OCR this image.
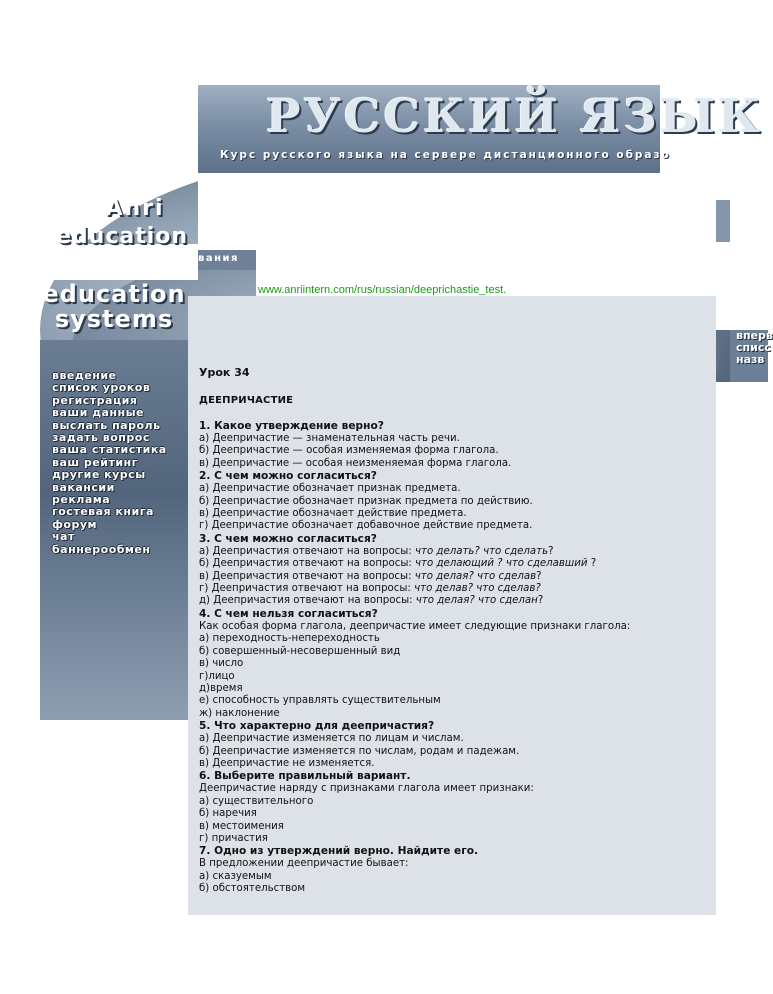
РУССКИЙ ЯЗЫК
Курс русского языка на сервере дистанционного образо
вания
Anri
education
education
systems
введение
список уроков
регистрация
ваши данные
выслать пароль
задать вопрос
ваша статистика
ваш рейтинг
другие курсы
вакансии
реклама
гостевая книга
форум
чат
баннерообмен
вперв
списс
назв
www.anriintern.com/rus/russian/deeprichastie_test.
Урок 34
ДЕЕПРИЧАСТИЕ
1. Какое утверждение верно?
а) Деепричастие — знаменательная часть речи.
б) Деепричастие — особая изменяемая форма глагола.
в) Деепричастие — особая неизменяемая форма глагола.
2. С чем можно согласиться?
а) Деепричастие обозначает признак предмета.
б) Деепричастие обозначает признак предмета по действию.
в) Деепричастие обозначает действие предмета.
г) Деепричастие обозначает добавочное действие предмета.
3. С чем можно согласиться?
а) Деепричастия отвечают на вопросы: что делать? что сделать?
б) Деепричастия отвечают на вопросы: что делающий ? что сделавший ?
в) Деепричастия отвечают на вопросы: что делая? что сделав?
г) Деепричастия отвечают на вопросы: что делав? что сделав?
д) Деепричастия отвечают на вопросы: что делая? что сделан?
4. С чем нельзя согласиться?
Как особая форма глагола, деепричастие имеет следующие признаки глагола:
а) переходность-непереходность
б) совершенный-несовершенный вид
в) число
г)лицо
д)время
е) способность управлять существительным
ж) наклонение
5. Что характерно для деепричастия?
а) Деепричастие изменяется по лицам и числам.
б) Деепричастие изменяется по числам, родам и падежам.
в) Деепричастие не изменяется.
6. Выберите правильный вариант.
Деепричастие наряду с признаками глагола имеет признаки:
а) существительного
б) наречия
в) местоимения
г) причастия
7. Одно из утверждений верно. Найдите его.
В предложении деепричастие бывает:
а) сказуемым
б) обстоятельством
